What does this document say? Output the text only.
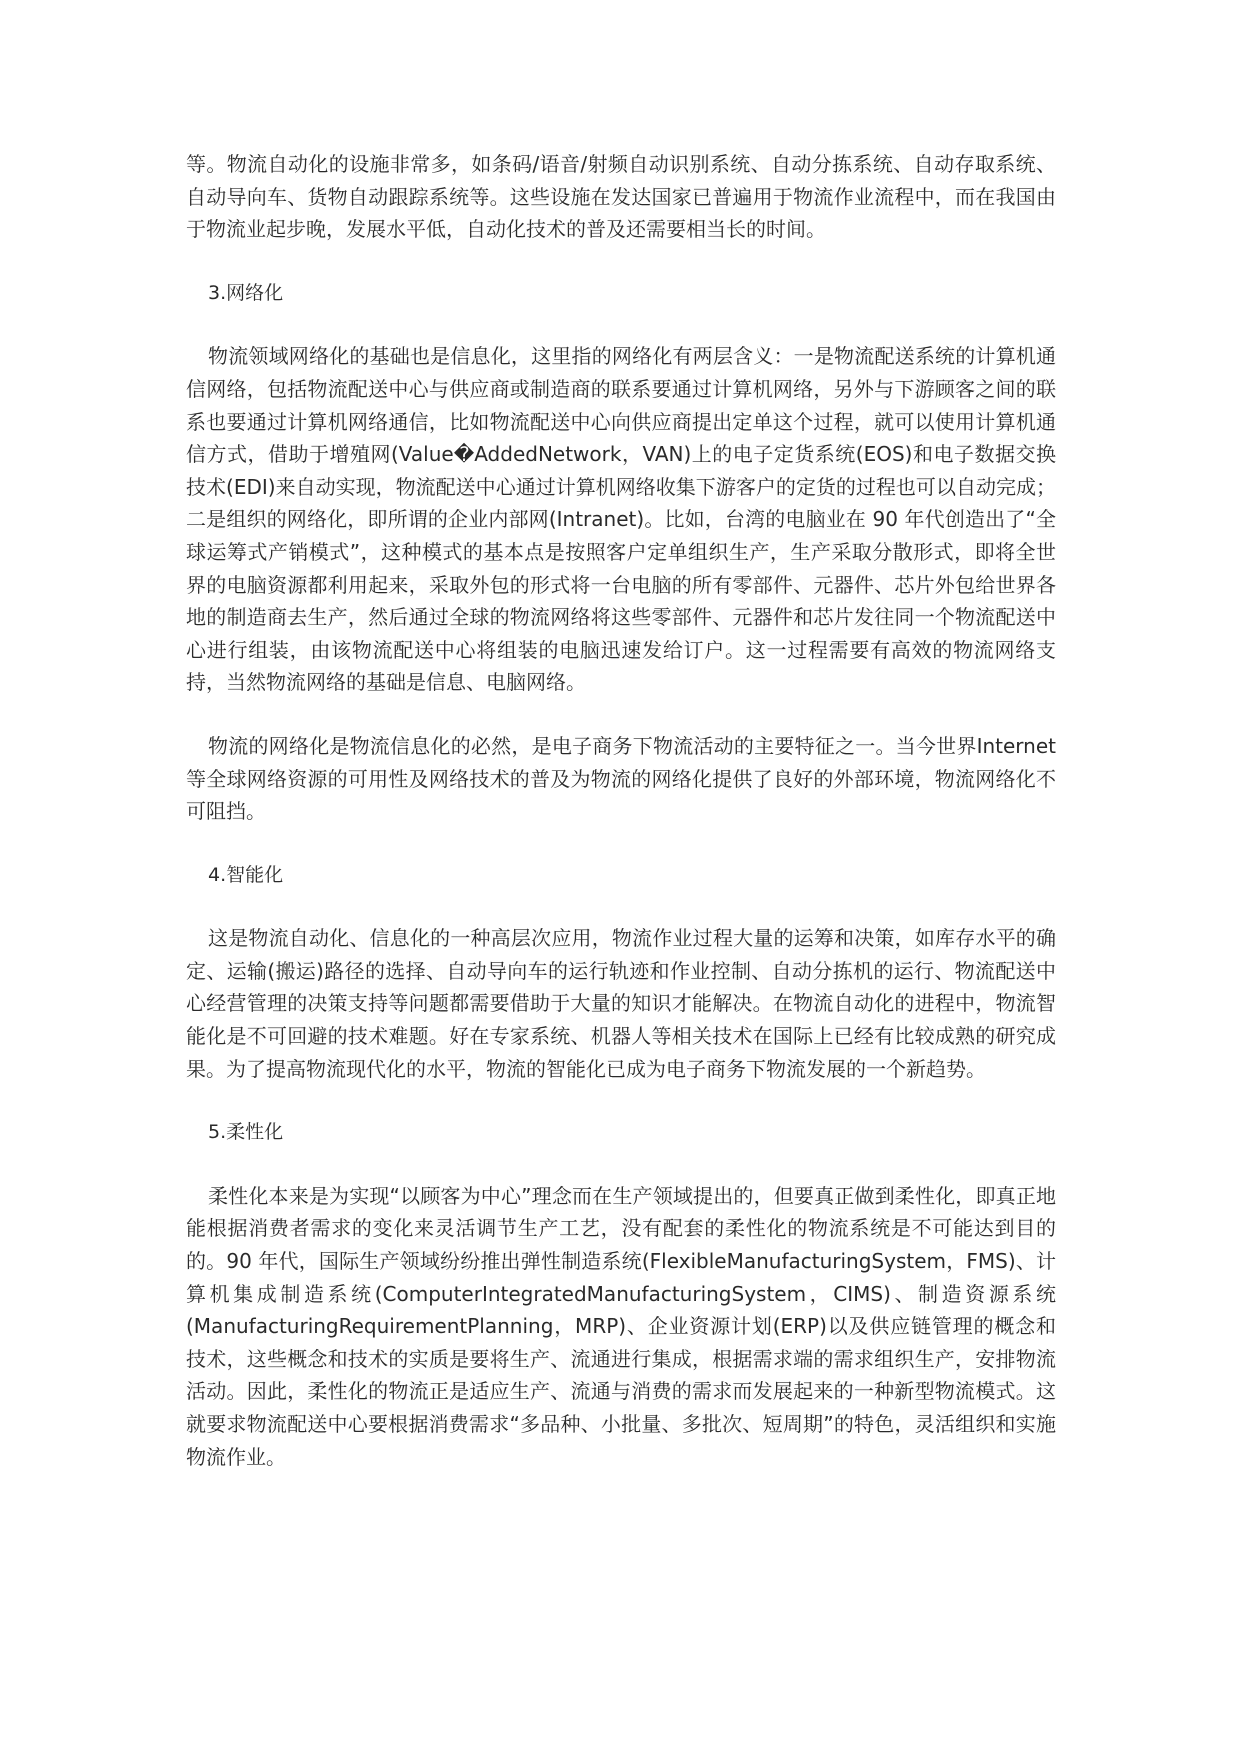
等。物流自动化的设施非常多，如条码/语音/射频自动识别系统、自动分拣系统、自动存取系统、自动导向车、货物自动跟踪系统等。这些设施在发达国家已普遍用于物流作业流程中，而在我国由于物流业起步晚，发展水平低，自动化技术的普及还需要相当长的时间。

3.网络化

物流领域网络化的基础也是信息化，这里指的网络化有两层含义：一是物流配送系统的计算机通信网络，包括物流配送中心与供应商或制造商的联系要通过计算机网络，另外与下游顾客之间的联系也要通过计算机网络通信，比如物流配送中心向供应商提出定单这个过程，就可以使用计算机通信方式，借助于增殖网(Value�AddedNetwork，VAN)上的电子定货系统(EOS)和电子数据交换技术(EDI)来自动实现，物流配送中心通过计算机网络收集下游客户的定货的过程也可以自动完成；二是组织的网络化，即所谓的企业内部网(Intranet)。比如，台湾的电脑业在 90 年代创造出了“全球运筹式产销模式”，这种模式的基本点是按照客户定单组织生产，生产采取分散形式，即将全世界的电脑资源都利用起来，采取外包的形式将一台电脑的所有零部件、元器件、芯片外包给世界各地的制造商去生产，然后通过全球的物流网络将这些零部件、元器件和芯片发往同一个物流配送中心进行组装，由该物流配送中心将组装的电脑迅速发给订户。这一过程需要有高效的物流网络支持，当然物流网络的基础是信息、电脑网络。

物流的网络化是物流信息化的必然，是电子商务下物流活动的主要特征之一。当今世界Internet等全球网络资源的可用性及网络技术的普及为物流的网络化提供了良好的外部环境，物流网络化不可阻挡。

4.智能化

这是物流自动化、信息化的一种高层次应用，物流作业过程大量的运筹和决策，如库存水平的确定、运输(搬运)路径的选择、自动导向车的运行轨迹和作业控制、自动分拣机的运行、物流配送中心经营管理的决策支持等问题都需要借助于大量的知识才能解决。在物流自动化的进程中，物流智能化是不可回避的技术难题。好在专家系统、机器人等相关技术在国际上已经有比较成熟的研究成果。为了提高物流现代化的水平，物流的智能化已成为电子商务下物流发展的一个新趋势。

5.柔性化

柔性化本来是为实现“以顾客为中心”理念而在生产领域提出的，但要真正做到柔性化，即真正地能根据消费者需求的变化来灵活调节生产工艺，没有配套的柔性化的物流系统是不可能达到目的的。90 年代，国际生产领域纷纷推出弹性制造系统(FlexibleManufacturingSystem，FMS)、计算机集成制造系统(ComputerIntegratedManufacturingSystem，CIMS)、制造资源系统(ManufacturingRequirementPlanning，MRP)、企业资源计划(ERP)以及供应链管理的概念和技术，这些概念和技术的实质是要将生产、流通进行集成，根据需求端的需求组织生产，安排物流活动。因此，柔性化的物流正是适应生产、流通与消费的需求而发展起来的一种新型物流模式。这就要求物流配送中心要根据消费需求“多品种、小批量、多批次、短周期”的特色，灵活组织和实施物流作业。
